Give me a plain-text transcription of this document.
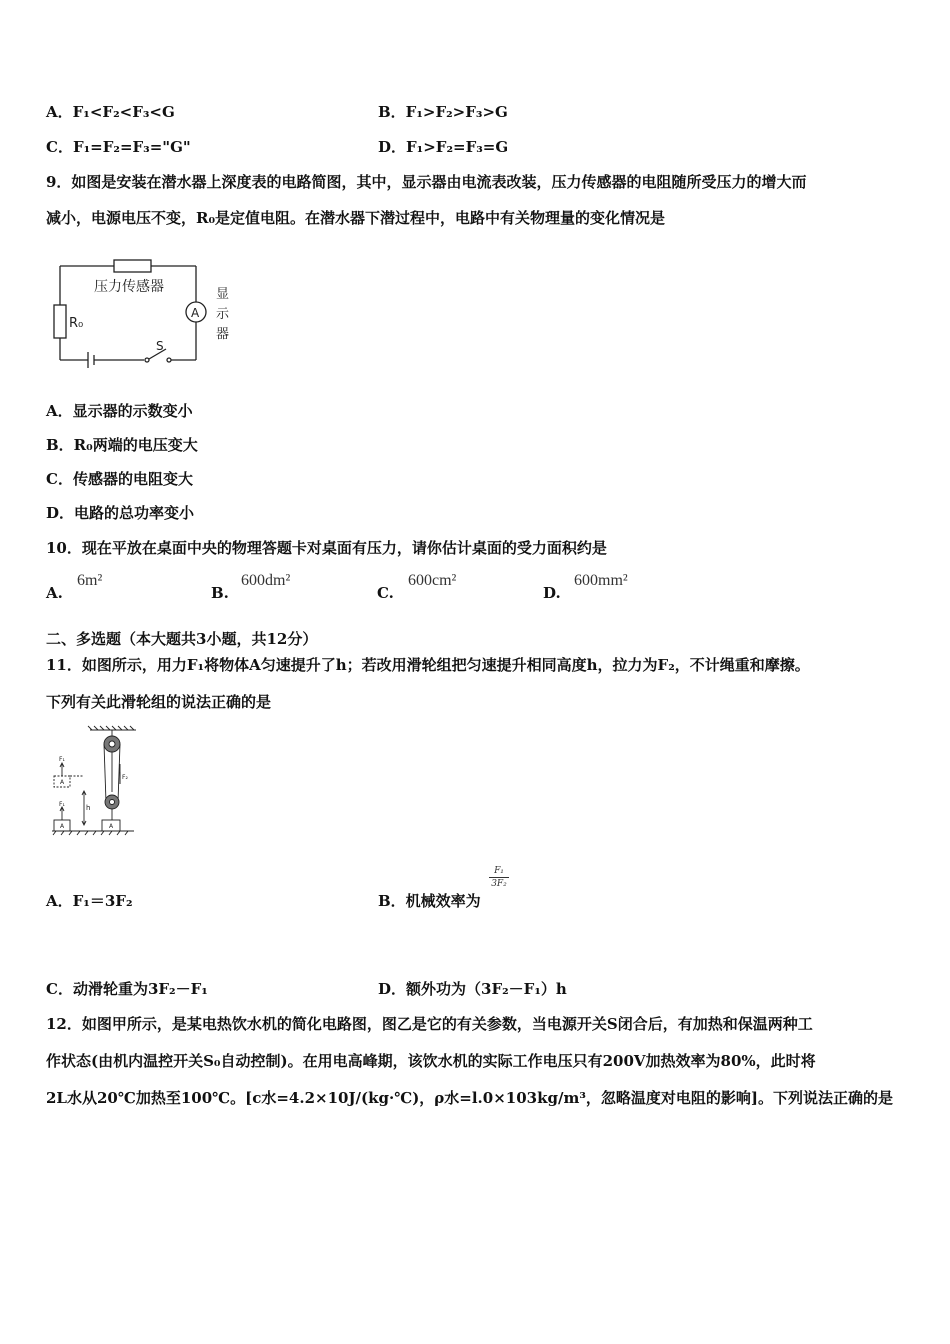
A．F₁<F₂<F₃<G	B．F₁>F₂>F₃>G
C．F₁=F₂=F₃="G"	D．F₁>F₂=F₃=G
9．如图是安装在潜水器上深度表的电路简图，其中，显示器由电流表改装，压力传感器的电阻随所受压力的增大而
减小，电源电压不变，R₀是定值电阻。在潜水器下潜过程中，电路中有关物理量的变化情况是
压力传感器
R₀
A
显
示
器
S
A．显示器的示数变小
B．R₀两端的电压变大
C．传感器的电阻变大
D．电路的总功率变小
10．现在平放在桌面中央的物理答题卡对桌面有压力，请你估计桌面的受力面积约是
A.
6m²
B.
600dm²
C.
600cm²
D.
600mm²
二、多选题（本大题共3小题，共12分）
11．如图所示，用力F₁将物体A匀速提升了h；若改用滑轮组把匀速提升相同高度h，拉力为F₂，不计绳重和摩擦。
下列有关此滑轮组的说法正确的是
F₁
F₁
A
A
A
F₂
h
A．F₁＝3F₂	B．机械效率为
F₁
3F₂
C．动滑轮重为3F₂－F₁	D．额外功为（3F₂－F₁）h
12．如图甲所示，是某电热饮水机的简化电路图，图乙是它的有关参数，当电源开关S闭合后，有加热和保温两种工
作状态(由机内温控开关S₀自动控制)。在用电高峰期，该饮水机的实际工作电压只有200V加热效率为80%，此时将
2L水从20℃加热至100℃。[c水=4.2×10J/(kg·℃)，ρ水=l.0×103kg/m³，忽略温度对电阻的影响]。下列说法正确的是
